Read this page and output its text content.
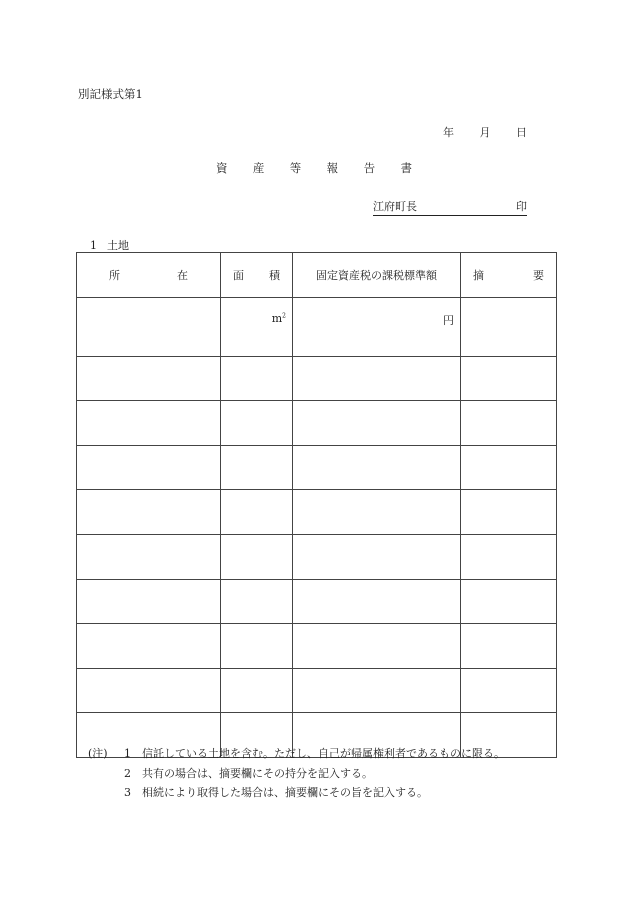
別記様式第1
年 月 日
資 産 等 報 告 書
江府町長	印
1 土地
所 在	面 積	固定資産税の課税標準額	摘 要

	$m^2$	円	

(注)	1	信託している土地を含む。ただし、自己が帰属権利者であるものに限る。
2	共有の場合は、摘要欄にその持分を記入する。
3	相続により取得した場合は、摘要欄にその旨を記入する。
